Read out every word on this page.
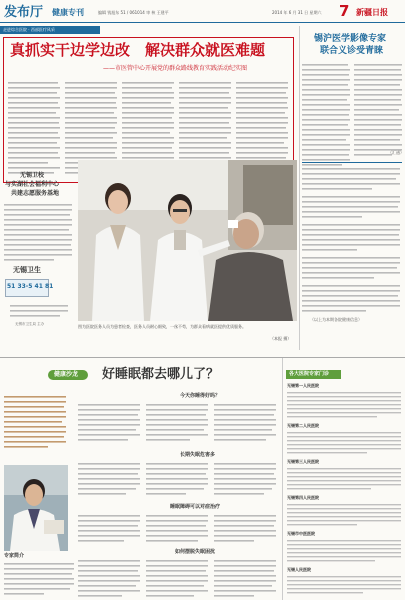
发布厅 健康专刊	编辑 钱旭东 51 / 061014 审 核 王建平	2014 年 6 月 31 日 星期六 7 新疆日报
走进综合医院 · 西部医疗风采
真抓实干边学边改　解决群众就医难题
——市医管中心开展党的群众路线教育实践活动纪实图
锡沪医学影像专家
联合义诊受青睐
（汇通）
（以上为本期各院健康信息）
无锡卫校
与实湖社会福利中心
共建志愿服务基地
无锡卫生
51 33-5 41 81
无锡市卫生局 主办	图为医院医务人员为患者检查，医务人员耐心细致，一丝不苟，为群众看病就医提供优质服务。
（本报 摄）
健康沙龙 好睡眠都去哪儿了？
专家简介
今天你睡得好吗？
长期失眠危害多
睡眠障碍可以对症治疗
如何摆脱失眠困扰
各大医院专家门诊
无锡第一人民医院
无锡第二人民医院
无锡第三人民医院
无锡第四人民医院
无锡市中医医院
无锡人民医院
